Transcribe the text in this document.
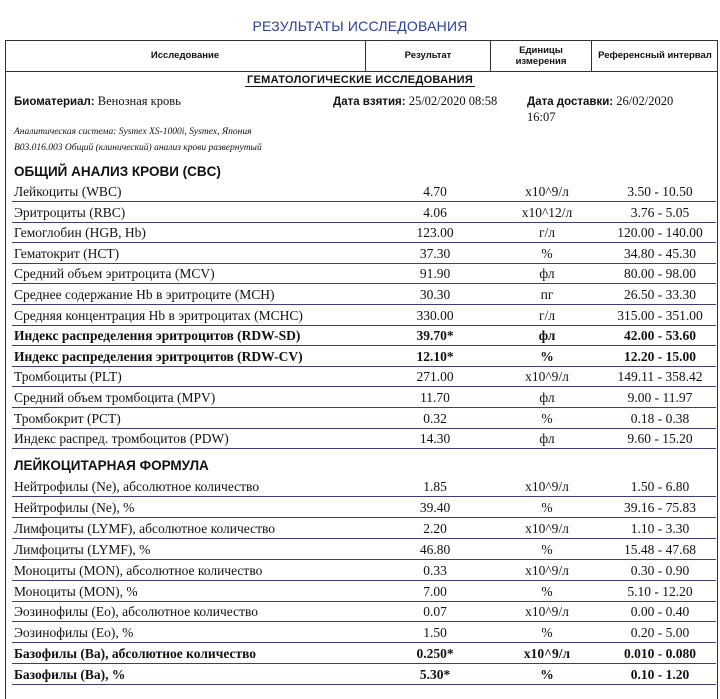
РЕЗУЛЬТАТЫ ИССЛЕДОВАНИЯ
Исследование	Результат	Единицы измерения	Референсный интервал
ГЕМАТОЛОГИЧЕСКИЕ ИССЛЕДОВАНИЯ
Биоматериал: Венозная кровь	Дата взятия: 25/02/2020 08:58	Дата доставки: 26/02/2020
16:07
Аналитическая система: Sysmex XS-1000i, Sysmex, Япония
B03.016.003 Общий (клинический) анализ крови развернутый
ОБЩИЙ АНАЛИЗ КРОВИ (CBC)
Лейкоциты (WBC)	4.70	x10^9/л	3.50 - 10.50
Эритроциты (RBC)	4.06	x10^12/л	3.76 - 5.05
Гемоглобин (HGB, Hb)	123.00	г/л	120.00 - 140.00
Гематокрит (HCT)	37.30	%	34.80 - 45.30
Средний объем эритроцита (MCV)	91.90	фл	80.00 - 98.00
Среднее содержание Hb в эритроците (MCH)	30.30	пг	26.50 - 33.30
Средняя концентрация Hb в эритроцитах (MCHC)	330.00	г/л	315.00 - 351.00
Индекс распределения эритроцитов (RDW-SD)	39.70*	фл	42.00 - 53.60
Индекс распределения эритроцитов (RDW-CV)	12.10*	%	12.20 - 15.00
Тромбоциты (PLT)	271.00	x10^9/л	149.11 - 358.42
Средний объем тромбоцита (MPV)	11.70	фл	9.00 - 11.97
Тромбокрит (PCT)	0.32	%	0.18 - 0.38
Индекс распред. тромбоцитов (PDW)	14.30	фл	9.60 - 15.20
ЛЕЙКОЦИТАРНАЯ ФОРМУЛА
Нейтрофилы (Ne), абсолютное количество	1.85	x10^9/л	1.50 - 6.80
Нейтрофилы (Ne), %	39.40	%	39.16 - 75.83
Лимфоциты (LYMF), абсолютное количество	2.20	x10^9/л	1.10 - 3.30
Лимфоциты (LYMF), %	46.80	%	15.48 - 47.68
Моноциты (MON), абсолютное количество	0.33	x10^9/л	0.30 - 0.90
Моноциты (MON), %	7.00	%	5.10 - 12.20
Эозинофилы (Eo), абсолютное количество	0.07	x10^9/л	0.00 - 0.40
Эозинофилы (Eo), %	1.50	%	0.20 - 5.00
Базофилы (Ba), абсолютное количество	0.250*	x10^9/л	0.010 - 0.080
Базофилы (Ba), %	5.30*	%	0.10 - 1.20
